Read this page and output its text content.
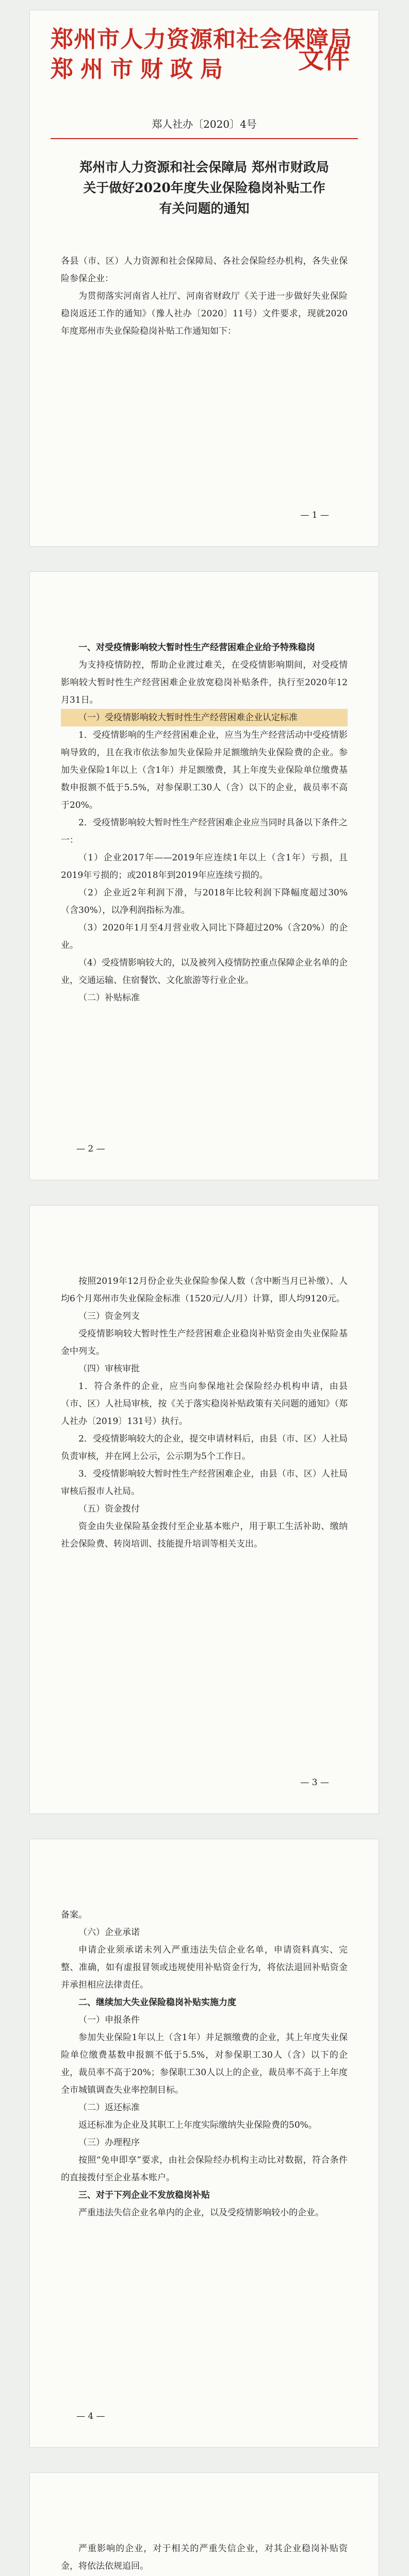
郑州市人力资源和社会保障局
郑州市财政局	文件
郑人社办〔2020〕4号
郑州市人力资源和社会保障局 郑州市财政局
关于做好2020年度失业保险稳岗补贴工作
有关问题的通知

各县（市、区）人力资源和社会保障局、各社会保险经办机构，各失业保险参保企业：

为贯彻落实河南省人社厅、河南省财政厅《关于进一步做好失业保险稳岗返还工作的通知》（豫人社办〔2020〕11号）文件要求，现就2020年度郑州市失业保险稳岗补贴工作通知如下：

— 1 —

一、对受疫情影响较大暂时性生产经营困难企业给予特殊稳岗

为支持疫情防控，帮助企业渡过难关，在受疫情影响期间，对受疫情影响较大暂时性生产经营困难企业放宽稳岗补贴条件，执行至2020年12月31日。

（一）受疫情影响较大暂时性生产经营困难企业认定标准

1．受疫情影响的生产经营困难企业，应当为生产经营活动中受疫情影响导致的，且在我市依法参加失业保险并足额缴纳失业保险费的企业。参加失业保险1年以上（含1年）并足额缴费，其上年度失业保险单位缴费基数申报额不低于5.5%，对参保职工30人（含）以下的企业，裁员率不高于20%。

2．受疫情影响较大暂时性生产经营困难企业应当同时具备以下条件之一：

（1）企业2017年——2019年应连续1年以上（含1年）亏损，且2019年亏损的；或2018年到2019年应连续亏损的。

（2）企业近2年利润下滑，与2018年比较利润下降幅度超过30%（含30%），以净利润指标为准。

（3）2020年1月至4月营业收入同比下降超过20%（含20%）的企业。

（4）受疫情影响较大的，以及被列入疫情防控重点保障企业名单的企业，交通运输、住宿餐饮、文化旅游等行业企业。

（二）补贴标准

— 2 —

按照2019年12月份企业失业保险参保人数（含中断当月已补缴）、人均6个月郑州市失业保险金标准（1520元/人/月）计算，即人均9120元。

（三）资金列支

受疫情影响较大暂时性生产经营困难企业稳岗补贴资金由失业保险基金中列支。

（四）审核审批

1．符合条件的企业，应当向参保地社会保险经办机构申请，由县（市、区）人社局审核，按《关于落实稳岗补贴政策有关问题的通知》（郑人社办〔2019〕131号）执行。

2．受疫情影响较大的企业，提交申请材料后，由县（市、区）人社局负责审核，并在网上公示，公示期为5个工作日。

3．受疫情影响较大暂时性生产经营困难企业，由县（市、区）人社局审核后报市人社局。

（五）资金拨付

资金由失业保险基金拨付至企业基本账户，用于职工生活补助、缴纳社会保险费、转岗培训、技能提升培训等相关支出。

— 3 —

备案。

（六）企业承诺

申请企业须承诺未列入严重违法失信企业名单，申请资料真实、完整、准确，如有虚报冒领或违规使用补贴资金行为，将依法退回补贴资金并承担相应法律责任。

二、继续加大失业保险稳岗补贴实施力度

（一）申报条件

参加失业保险1年以上（含1年）并足额缴费的企业，其上年度失业保险单位缴费基数申报额不低于5.5%，对参保职工30人（含）以下的企业，裁员率不高于20%；参保职工30人以上的企业，裁员率不高于上年度全市城镇调查失业率控制目标。

（二）返还标准

返还标准为企业及其职工上年度实际缴纳失业保险费的50%。

（三）办理程序

按照“免申即享”要求，由社会保险经办机构主动比对数据，符合条件的直接拨付至企业基本账户。

三、对于下列企业不发放稳岗补贴

严重违法失信企业名单内的企业，以及受疫情影响较小的企业。

— 4 —

严重影响的企业，对于相关的严重失信企业，对其企业稳岗补贴资金，将依法依规追回。
